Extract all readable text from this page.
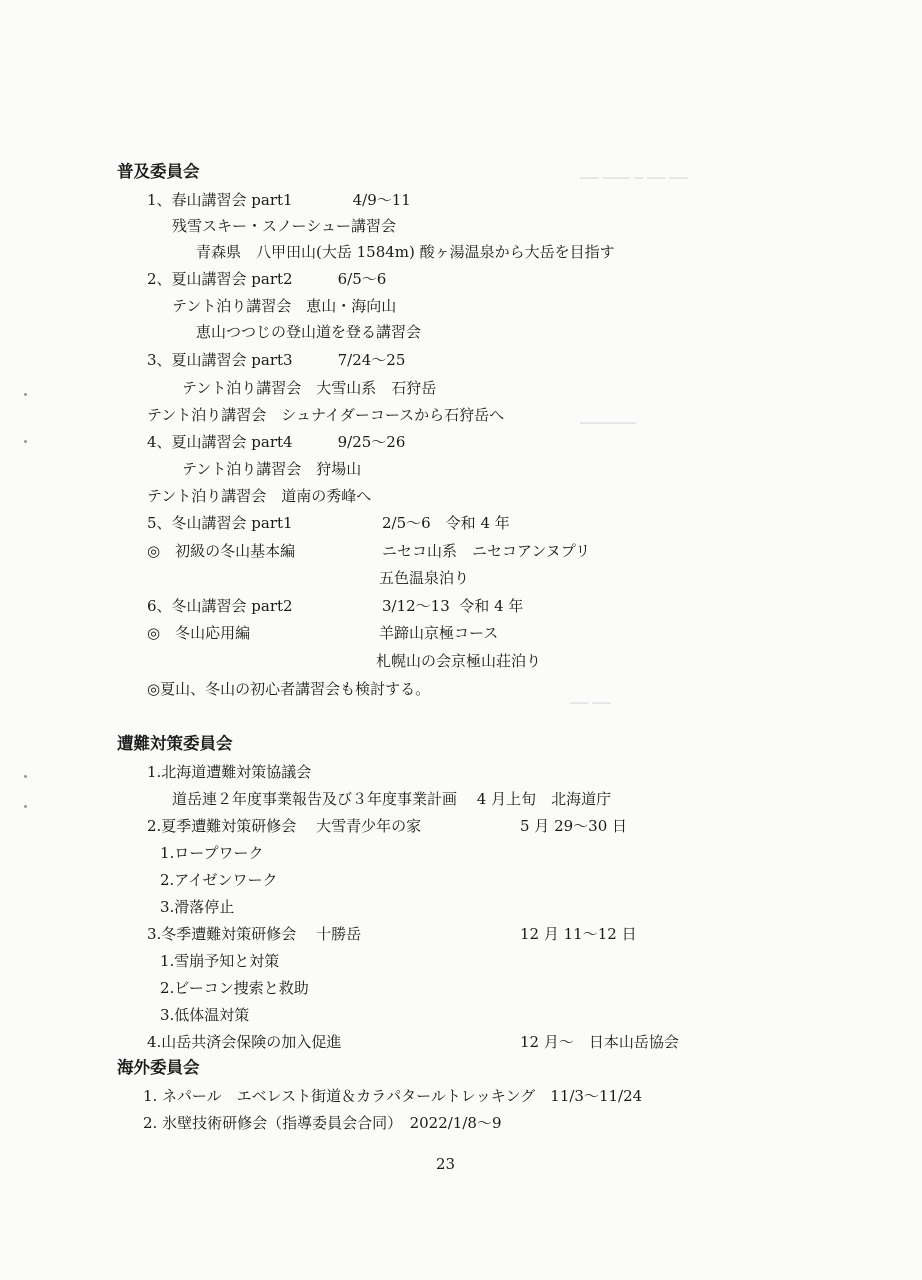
▁▁ ▁▁▁ ▁ ▁▁ ▁▁
▁▁▁▁▁▁
▁▁ ▁▁
普及委員会
1、春山講習会 part1　　　　4/9～11
残雪スキー・スノーシュー講習会
青森県　八甲田山(大岳 1584m) 酸ヶ湯温泉から大岳を目指す
2、夏山講習会 part2　　　6/5～6
テント泊り講習会　恵山・海向山
恵山つつじの登山道を登る講習会
3、夏山講習会 part3　　　7/24～25
テント泊り講習会　大雪山系　石狩岳
テント泊り講習会　シュナイダーコースから石狩岳へ
4、夏山講習会 part4　　　9/25～26
テント泊り講習会　狩場山
テント泊り講習会　道南の秀峰へ
5、冬山講習会 part1	2/5～6　令和 4 年
◎　初級の冬山基本編	ニセコ山系　ニセコアンヌプリ
五色温泉泊り
6、冬山講習会 part2	3/12～13  令和 4 年
◎　冬山応用編	羊蹄山京極コース
札幌山の会京極山荘泊り
◎夏山、冬山の初心者講習会も検討する。
遭難対策委員会
1.北海道遭難対策協議会
道岳連２年度事業報告及び３年度事業計画　 4 月上旬　北海道庁
2.夏季遭難対策研修会　 大雪青少年の家	5 月 29～30 日
1.ロープワーク
2.アイゼンワーク
3.滑落停止
3.冬季遭難対策研修会　 十勝岳	12 月 11～12 日
1.雪崩予知と対策
2.ビーコン捜索と救助
3.低体温対策
4.山岳共済会保険の加入促進	12 月～　日本山岳協会
海外委員会
1. ネパール　エベレスト街道＆カラパタールトレッキング　11/3～11/24
2. 氷壁技術研修会（指導委員会合同）　2022/1/8～9
23
